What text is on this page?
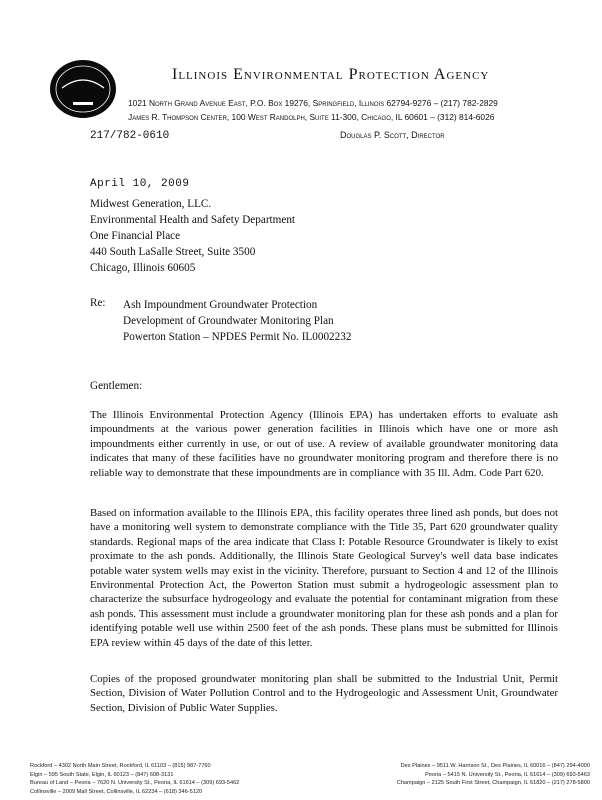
Illinois Environmental Protection Agency
1021 North Grand Avenue East, P.O. Box 19276, Springfield, Illinois 62794-9276 – (217) 782-2829
James R. Thompson Center, 100 West Randolph, Suite 11-300, Chicago, IL 60601 – (312) 814-6026
217/782-0610	Douglas P. Scott, Director
April 10, 2009
Midwest Generation, LLC.
Environmental Health and Safety Department
One Financial Place
440 South LaSalle Street, Suite 3500
Chicago, Illinois 60605
Re: Ash Impoundment Groundwater Protection
Development of Groundwater Monitoring Plan
Powerton Station – NPDES Permit No. IL0002232
Gentlemen:
The Illinois Environmental Protection Agency (Illinois EPA) has undertaken efforts to evaluate ash impoundments at the various power generation facilities in Illinois which have one or more ash impoundments either currently in use, or out of use. A review of available groundwater monitoring data indicates that many of these facilities have no groundwater monitoring program and therefore there is no reliable way to demonstrate that these impoundments are in compliance with 35 Ill. Adm. Code Part 620.
Based on information available to the Illinois EPA, this facility operates three lined ash ponds, but does not have a monitoring well system to demonstrate compliance with the Title 35, Part 620 groundwater quality standards. Regional maps of the area indicate that Class I: Potable Resource Groundwater is likely to exist proximate to the ash ponds. Additionally, the Illinois State Geological Survey's well data base indicates potable water system wells may exist in the vicinity. Therefore, pursuant to Section 4 and 12 of the Illinois Environmental Protection Act, the Powerton Station must submit a hydrogeologic assessment plan to characterize the subsurface hydrogeology and evaluate the potential for contaminant migration from these ash ponds. This assessment must include a groundwater monitoring plan for these ash ponds and a plan for identifying potable well use within 2500 feet of the ash ponds. These plans must be submitted for Illinois EPA review within 45 days of the date of this letter.
Copies of the proposed groundwater monitoring plan shall be submitted to the Industrial Unit, Permit Section, Division of Water Pollution Control and to the Hydrogeologic and Assessment Unit, Groundwater Section, Division of Public Water Supplies.
Rockford – 4302 North Main Street, Rockford, IL 61103 – (815) 987-7760	Des Plaines – 9511 W. Harrison St., Des Plaines, IL 60016 – (847) 294-4000
Elgin – 595 South State, Elgin, IL 60123 – (847) 608-3131	Peoria – 5415 N. University St., Peoria, IL 61614 – (309) 693-5463
Bureau of Land – Peoria – 7620 N. University St., Peoria, IL 61614 – (309) 693-5462	Champaign – 2125 South First Street, Champaign, IL 61820 – (217) 278-5800
Collinsville – 2009 Mall Street, Collinsville, IL 62234 – (618) 346-5120
